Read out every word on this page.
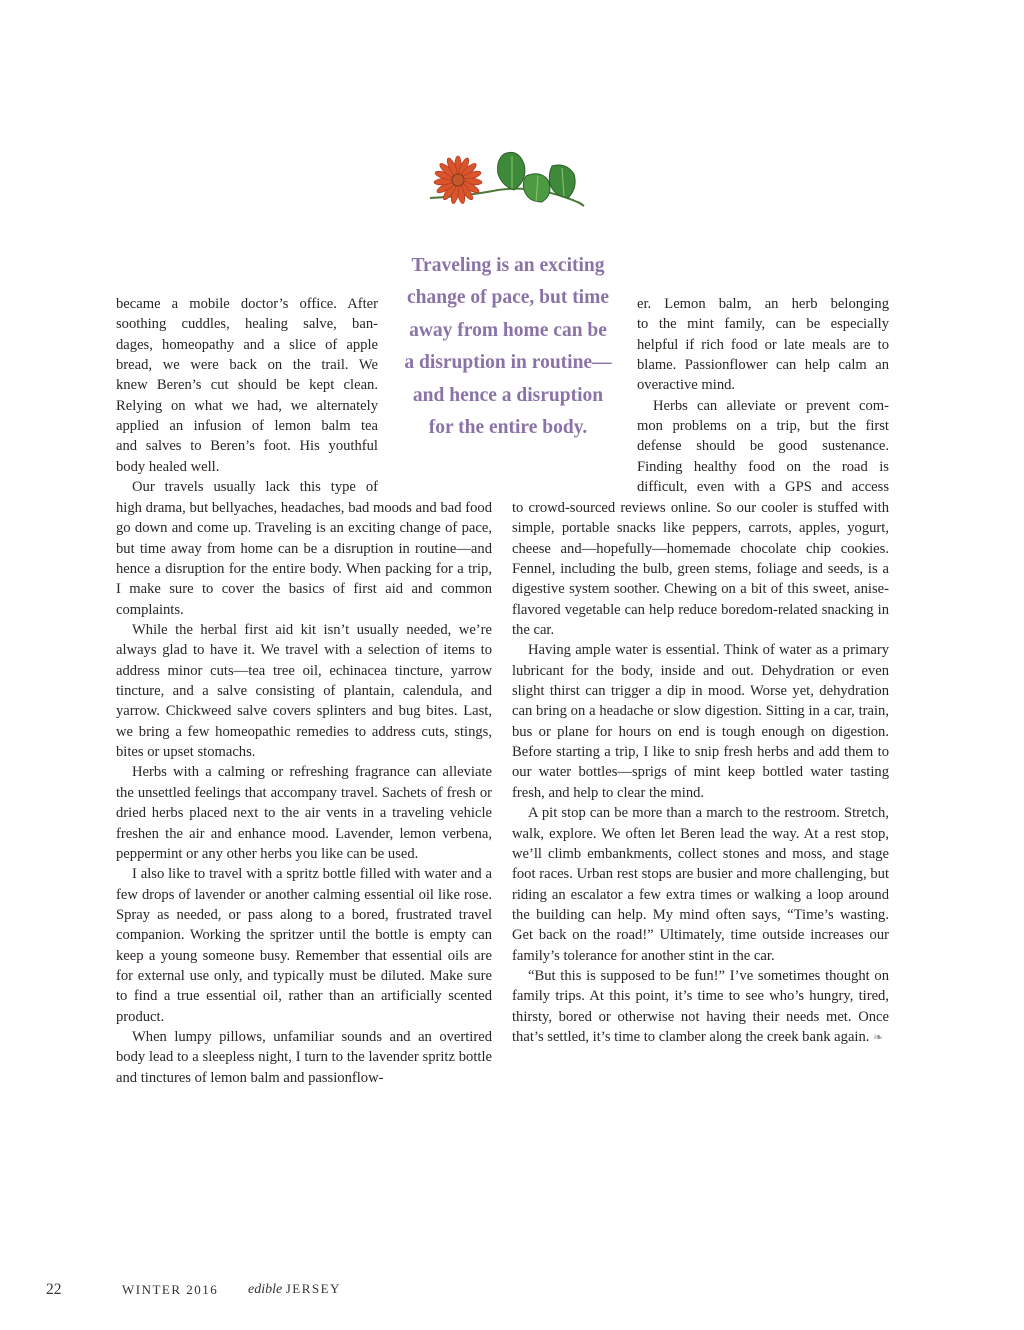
Traveling is an exciting
change of pace, but time
away from home can be
a disruption in routine—
and hence a disruption
for the entire body.
became a mobile doctor’s office. After
soothing cuddles, healing salve, ban-
dages, homeopathy and a slice of apple
bread, we were back on the trail. We
knew Beren’s cut should be kept clean.
Relying on what we had, we alternately
applied an infusion of lemon balm tea
and salves to Beren’s foot. His youthful
body healed well.
Our travels usually lack this type of

high drama, but bellyaches, headaches, bad moods and bad food go down and come up. Traveling is an exciting change of pace, but time away from home can be a disruption in routine—and hence a disruption for the entire body. When packing for a trip, I make sure to cover the basics of first aid and common complaints.

While the herbal first aid kit isn’t usually needed, we’re always glad to have it. We travel with a selection of items to address minor cuts—tea tree oil, echinacea tincture, yarrow tincture, and a salve consisting of plantain, calendula, and yarrow. Chickweed salve covers splinters and bug bites. Last, we bring a few homeopathic remedies to address cuts, stings, bites or upset stomachs.

Herbs with a calming or refreshing fragrance can alleviate the unsettled feelings that accompany travel. Sachets of fresh or dried herbs placed next to the air vents in a traveling vehicle freshen the air and enhance mood. Lavender, lemon verbena, peppermint or any other herbs you like can be used.

I also like to travel with a spritz bottle filled with water and a few drops of lavender or another calming essential oil like rose. Spray as needed, or pass along to a bored, frustrated travel companion. Working the spritzer until the bottle is empty can keep a young someone busy. Remember that essential oils are for external use only, and typically must be diluted. Make sure to find a true essential oil, rather than an artificially scented product.

When lumpy pillows, unfamiliar sounds and an overtired body lead to a sleepless night, I turn to the lavender spritz bottle and tinctures of lemon balm and passionflow-

er. Lemon balm, an herb belonging
to the mint family, can be especially
helpful if rich food or late meals are to
blame. Passionflower can help calm an
overactive mind.
Herbs can alleviate or prevent com-
mon problems on a trip, but the first
defense should be good sustenance.
Finding healthy food on the road is
difficult, even with a GPS and access

to crowd-sourced reviews online. So our cooler is stuffed with simple, portable snacks like peppers, carrots, apples, yogurt, cheese and—hopefully—homemade chocolate chip cookies. Fennel, including the bulb, green stems, foliage and seeds, is a digestive system soother. Chewing on a bit of this sweet, anise-flavored vegetable can help reduce boredom-related snacking in the car.

Having ample water is essential. Think of water as a primary lubricant for the body, inside and out. Dehydration or even slight thirst can trigger a dip in mood. Worse yet, dehydration can bring on a headache or slow digestion. Sitting in a car, train, bus or plane for hours on end is tough enough on digestion. Before starting a trip, I like to snip fresh herbs and add them to our water bottles—sprigs of mint keep bottled water tasting fresh, and help to clear the mind.

A pit stop can be more than a march to the restroom. Stretch, walk, explore. We often let Beren lead the way. At a rest stop, we’ll climb embankments, collect stones and moss, and stage foot races. Urban rest stops are busier and more challenging, but riding an escalator a few extra times or walking a loop around the building can help. My mind often says, “Time’s wasting. Get back on the road!” Ultimately, time outside increases our family’s tolerance for another stint in the car.

“But this is supposed to be fun!” I’ve sometimes thought on family trips. At this point, it’s time to see who’s hungry, tired, thirsty, bored or otherwise not having their needs met. Once that’s settled, it’s time to clamber along the creek bank again. ❧

22	WINTER 2016 edible JERSEY
